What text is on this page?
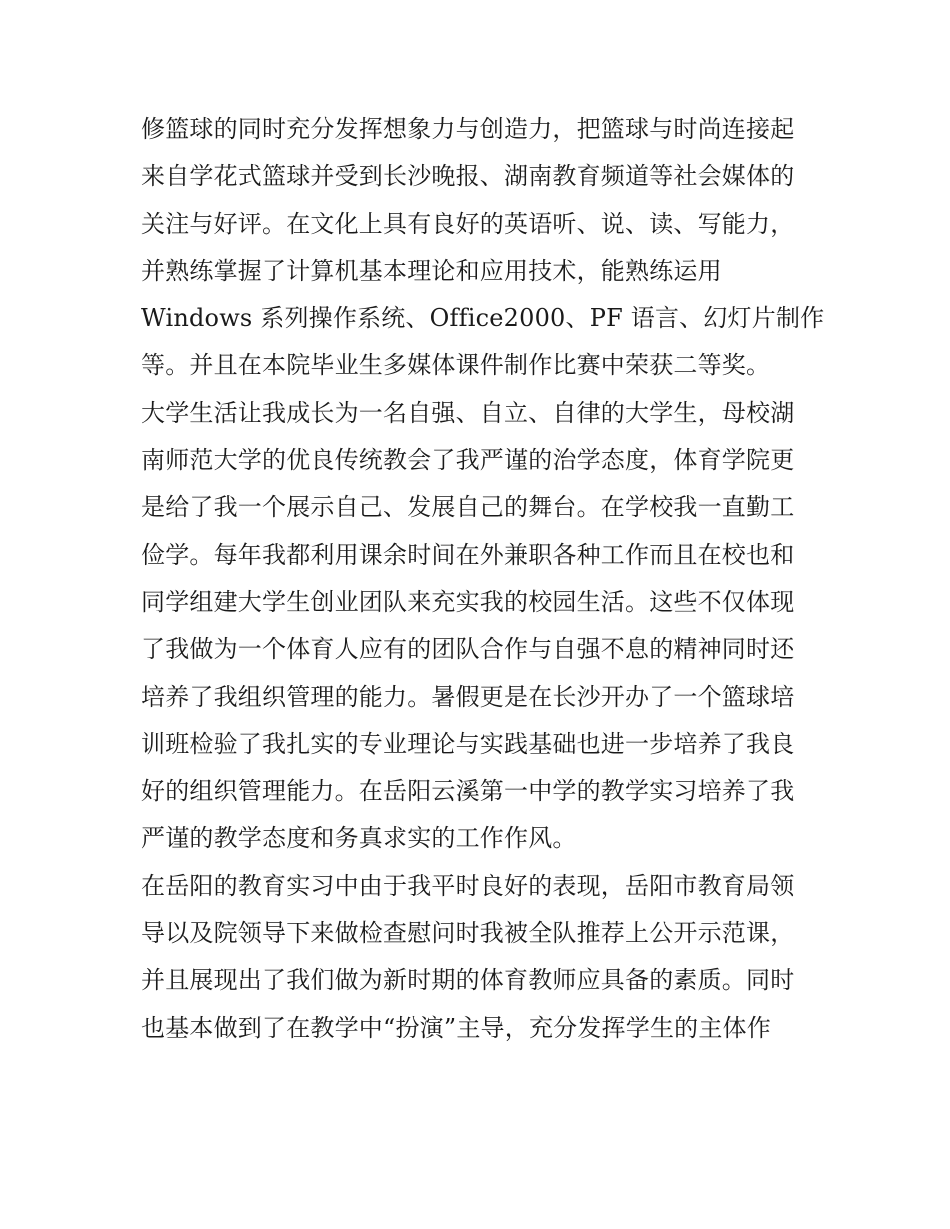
修篮球的同时充分发挥想象力与创造力，把篮球与时尚连接起
来自学花式篮球并受到长沙晚报、湖南教育频道等社会媒体的
关注与好评。在文化上具有良好的英语听、说、读、写能力，
并熟练掌握了计算机基本理论和应用技术，能熟练运用
Windows 系列操作系统、Office2000、PF 语言、幻灯片制作
等。并且在本院毕业生多媒体课件制作比赛中荣获二等奖。
大学生活让我成长为一名自强、自立、自律的大学生，母校湖
南师范大学的优良传统教会了我严谨的治学态度，体育学院更
是给了我一个展示自己、发展自己的舞台。在学校我一直勤工
俭学。每年我都利用课余时间在外兼职各种工作而且在校也和
同学组建大学生创业团队来充实我的校园生活。这些不仅体现
了我做为一个体育人应有的团队合作与自强不息的精神同时还
培养了我组织管理的能力。暑假更是在长沙开办了一个篮球培
训班检验了我扎实的专业理论与实践基础也进一步培养了我良
好的组织管理能力。在岳阳云溪第一中学的教学实习培养了我
严谨的教学态度和务真求实的工作作风。
在岳阳的教育实习中由于我平时良好的表现，岳阳市教育局领
导以及院领导下来做检查慰问时我被全队推荐上公开示范课，
并且展现出了我们做为新时期的体育教师应具备的素质。同时
也基本做到了在教学中“扮演”主导，充分发挥学生的主体作
